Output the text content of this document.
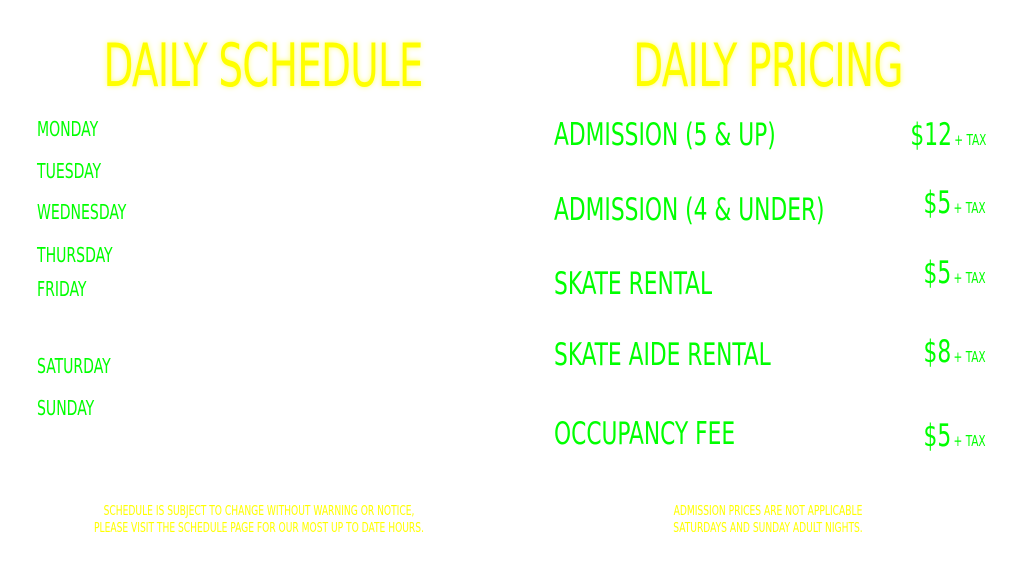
DAILY SCHEDULE	DAILY PRICING
MONDAY
TUESDAY
WEDNESDAY
THURSDAY
FRIDAY
SATURDAY
SUNDAY
ADMISSION (5 & UP)	$12 + TAX
ADMISSION (4 & UNDER)	$5 + TAX
SKATE RENTAL	$5 + TAX
SKATE AIDE RENTAL	$8 + TAX
OCCUPANCY FEE	$5 + TAX
SCHEDULE IS SUBJECT TO CHANGE WITHOUT WARNING OR NOTICE,
PLEASE VISIT THE SCHEDULE PAGE FOR OUR MOST UP TO DATE HOURS.
ADMISSION PRICES ARE NOT APPLICABLE
SATURDAYS AND SUNDAY ADULT NIGHTS.
